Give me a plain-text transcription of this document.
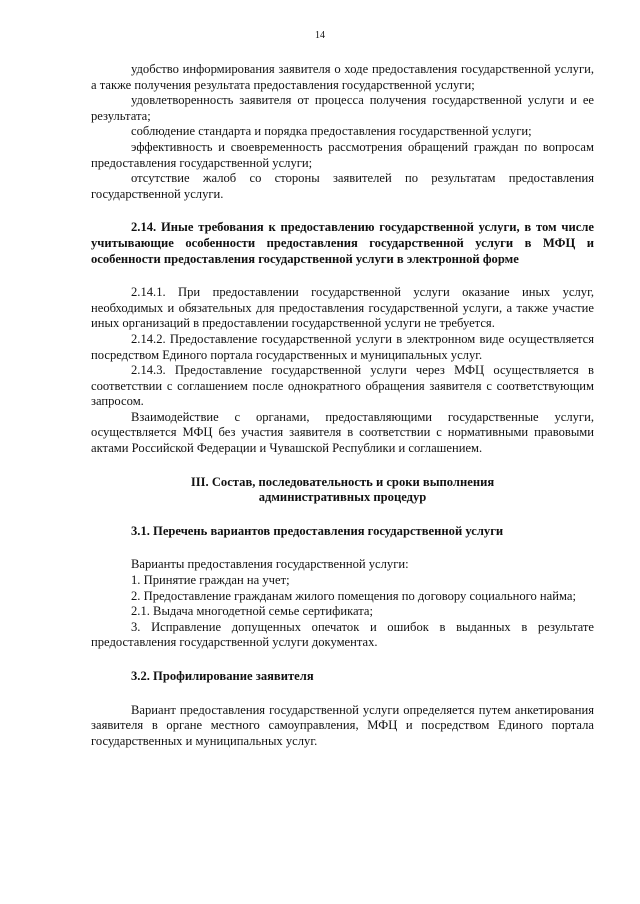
14

удобство информирования заявителя о ходе предоставления государственной услуги, а также получения результата предоставления государственной услуги;

удовлетворенность заявителя от процесса получения государственной услуги и ее результата;

соблюдение стандарта и порядка предоставления государственной услуги;

эффективность и своевременность рассмотрения обращений граждан по вопросам предоставления государственной услуги;

отсутствие жалоб со стороны заявителей по результатам предоставления государственной услуги.

2.14. Иные требования к предоставлению государственной услуги, в том числе учитывающие особенности предоставления государственной услуги в МФЦ и особенности предоставления государственной услуги в электронной форме

2.14.1. При предоставлении государственной услуги оказание иных услуг, необходимых и обязательных для предоставления государственной услуги, а также участие иных организаций в предоставлении государственной услуги не требуется.

2.14.2. Предоставление государственной услуги в электронном виде осуществляется посредством Единого портала государственных и муниципальных услуг.

2.14.3. Предоставление государственной услуги через МФЦ осуществляется в соответствии с соглашением после однократного обращения заявителя с соответствующим запросом.

Взаимодействие с органами, предоставляющими государственные услуги, осуществляется МФЦ без участия заявителя в соответствии с нормативными правовыми актами Российской Федерации и Чувашской Республики и соглашением.

III. Состав, последовательность и сроки выполнения
административных процедур
3.1. Перечень вариантов предоставления государственной услуги

Варианты предоставления государственной услуги:

1. Принятие граждан на учет;

2. Предоставление гражданам жилого помещения по договору социального найма;

2.1. Выдача многодетной семье сертификата;

3. Исправление допущенных опечаток и ошибок в выданных в результате предоставления государственной услуги документах.

3.2. Профилирование заявителя

Вариант предоставления государственной услуги определяется путем анкетирования заявителя в органе местного самоуправления, МФЦ и посредством Единого портала государственных и муниципальных услуг.
